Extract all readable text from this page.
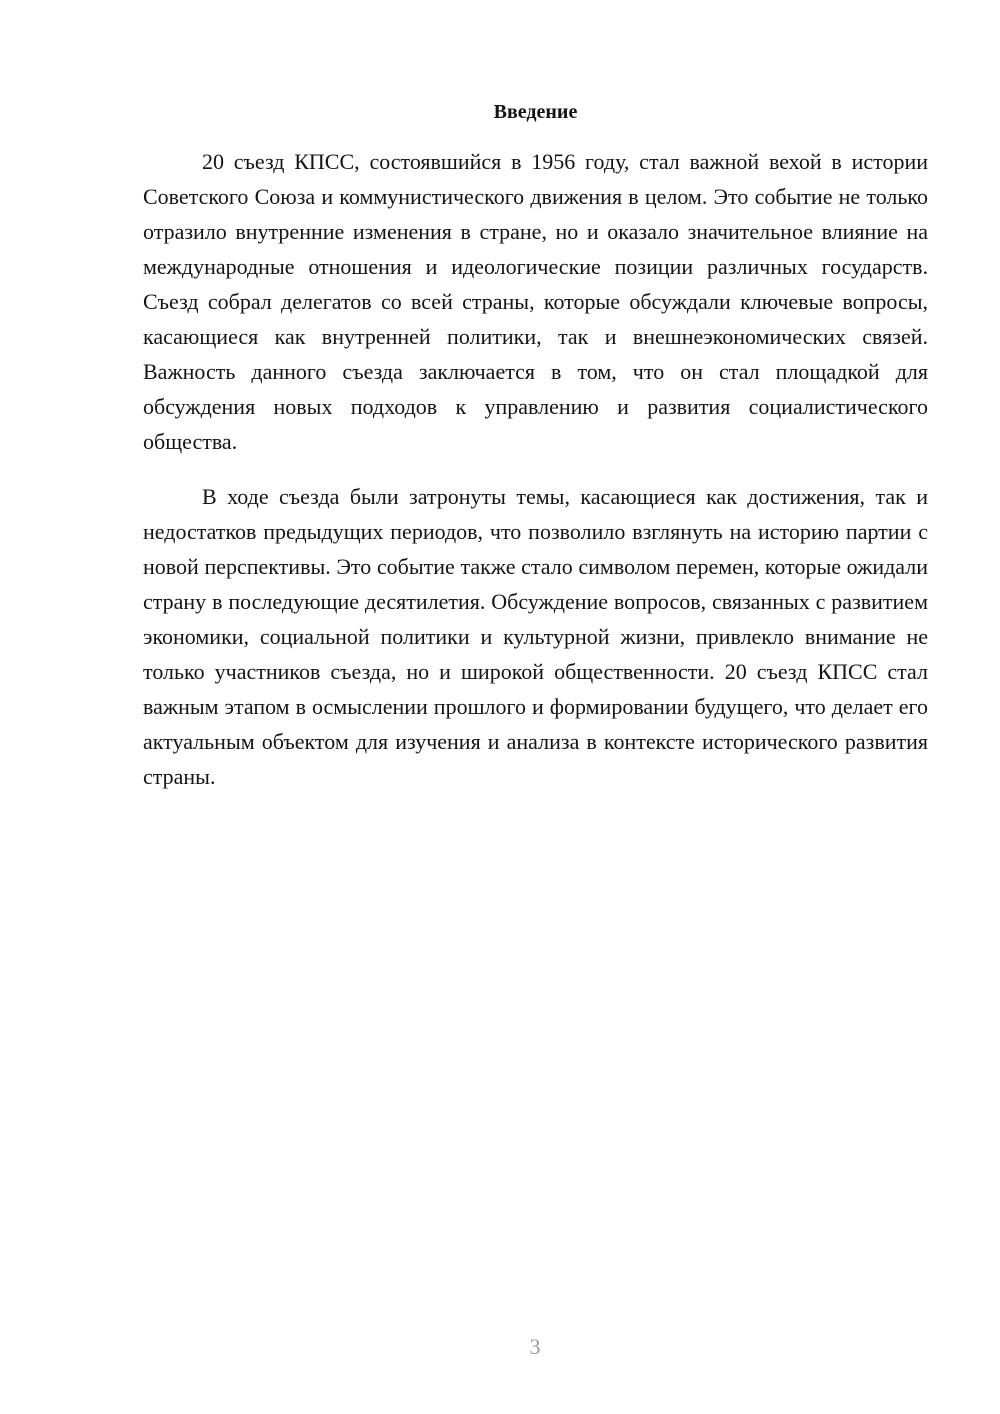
Введение

20 съезд КПСС, состоявшийся в 1956 году, стал важной вехой в истории Советского Союза и коммунистического движения в целом. Это событие не только отразило внутренние изменения в стране, но и оказало значительное влияние на международные отношения и идеологические позиции различных государств. Съезд собрал делегатов со всей страны, которые обсуждали ключевые вопросы, касающиеся как внутренней политики, так и внешнеэкономических связей. Важность данного съезда заключается в том, что он стал площадкой для обсуждения новых подходов к управлению и развития социалистического общества.

В ходе съезда были затронуты темы, касающиеся как достижения, так и недостатков предыдущих периодов, что позволило взглянуть на историю партии с новой перспективы. Это событие также стало символом перемен, которые ожидали страну в последующие десятилетия. Обсуждение вопросов, связанных с развитием экономики, социальной политики и культурной жизни, привлекло внимание не только участников съезда, но и широкой общественности. 20 съезд КПСС стал важным этапом в осмыслении прошлого и формировании будущего, что делает его актуальным объектом для изучения и анализа в контексте исторического развития страны.

3
